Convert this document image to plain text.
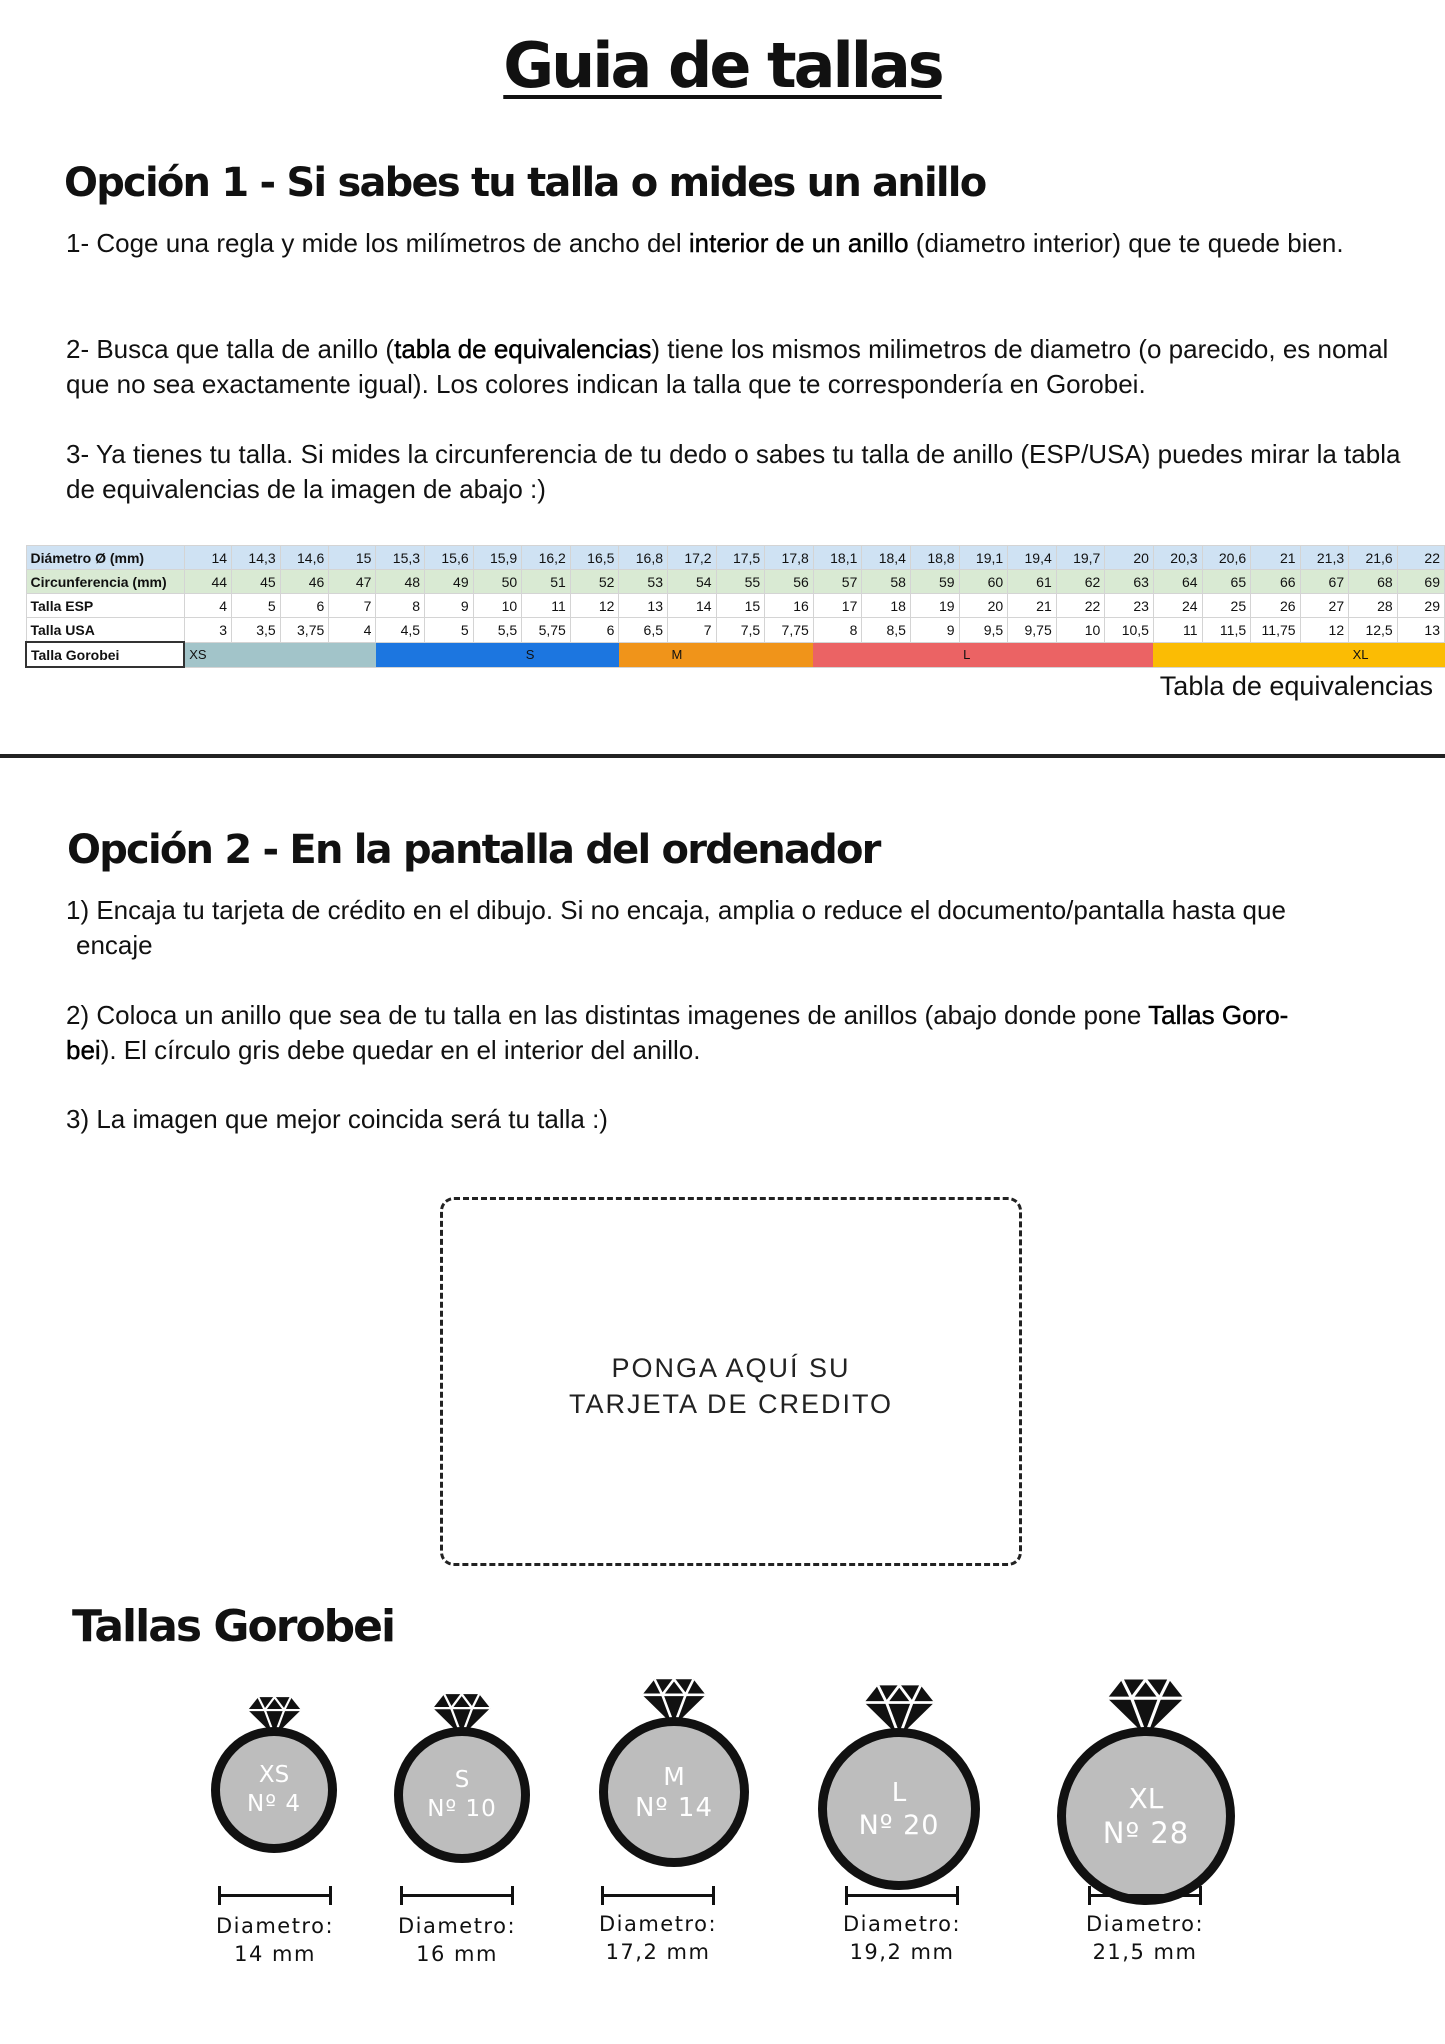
Guia de tallas
Opción 1 - Si sabes tu talla o mides un anillo
1- Coge una regla y mide los milímetros de ancho del interior de un anillo (diametro interior) que te quede bien.
2- Busca que talla de anillo (tabla de equivalencias) tiene los mismos milimetros de diametro (o parecido, es nomal que no sea exactamente igual). Los colores indican la talla que te correspondería en Gorobei.
3- Ya tienes tu talla. Si mides la circunferencia de tu dedo o sabes tu talla de anillo (ESP/USA) puedes mirar la tabla de equivalencias de la imagen de abajo :)
Diámetro Ø (mm)	14	14,3	14,6	15	15,3	15,6	15,9	16,2	16,5	16,8	17,2	17,5	17,8	18,1	18,4	18,8	19,1	19,4	19,7	20	20,3	20,6	21	21,3	21,6	22
Circunferencia (mm)	44	45	46	47	48	49	50	51	52	53	54	55	56	57	58	59	60	61	62	63	64	65	66	67	68	69
Talla ESP	4	5	6	7	8	9	10	11	12	13	14	15	16	17	18	19	20	21	22	23	24	25	26	27	28	29
Talla USA	3	3,5	3,75	4	4,5	5	5,5	5,75	6	6,5	7	7,5	7,75	8	8,5	9	9,5	9,75	10	10,5	11	11,5	11,75	12	12,5	13
Talla Gorobei	XS							S			M						L								XL	
Tabla de equivalencias
Opción 2 - En la pantalla del ordenador
1) Encaja tu tarjeta de crédito en el dibujo. Si no encaja, amplia o reduce el documento/pantalla hasta que
encaje
2) Coloca un anillo que sea de tu talla en las distintas imagenes de anillos (abajo donde pone Tallas Goro-
bei). El círculo gris debe quedar en el interior del anillo.
3) La imagen que mejor coincida será tu talla :)
PONGA AQUÍ SU
TARJETA DE CREDITO
Tallas Gorobei
XS
Nº 4
Diametro:
14 mm
S
Nº 10
Diametro:
16 mm
M
Nº 14
Diametro:
17,2 mm
L
Nº 20
Diametro:
19,2 mm
XL
Nº 28
Diametro:
21,5 mm
